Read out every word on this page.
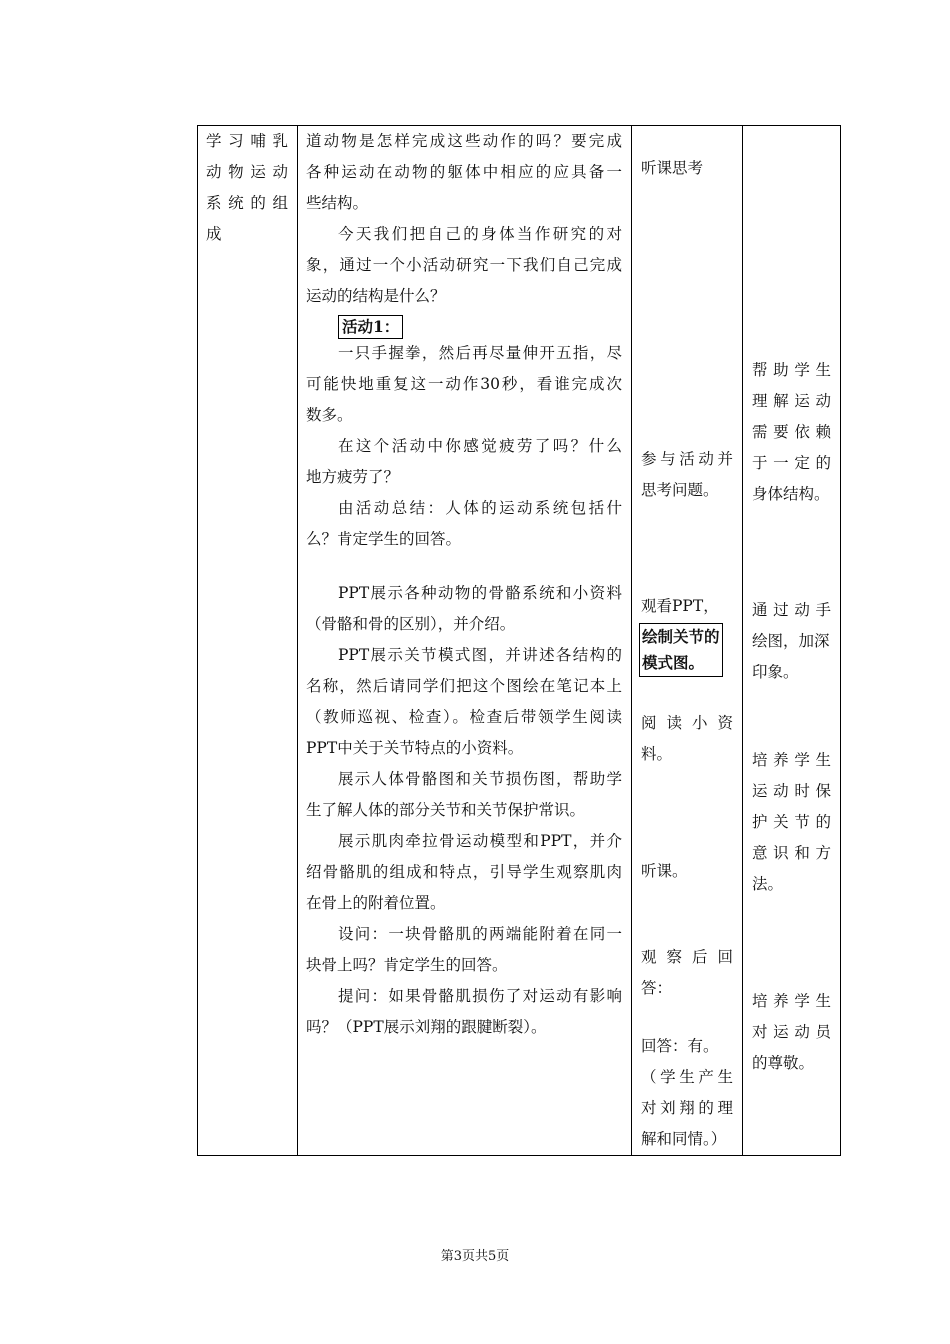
学习哺乳
动物运动
系统的组
成

道动物是怎样完成这些动作的吗？要完成
各种运动在动物的躯体中相应的应具备一
些结构。
今天我们把自己的身体当作研究的对
象，通过一个小活动研究一下我们自己完成
运动的结构是什么？
活动1：
一只手握拳，然后再尽量伸开五指，尽
可能快地重复这一动作30秒，看谁完成次
数多。
在这个活动中你感觉疲劳了吗？什么
地方疲劳了？
由活动总结：人体的运动系统包括什
么？肯定学生的回答。
PPT展示各种动物的骨骼系统和小资料
（骨骼和骨的区别），并介绍。
PPT展示关节模式图，并讲述各结构的
名称，然后请同学们把这个图绘在笔记本上
（教师巡视、检查）。检查后带领学生阅读
PPT中关于关节特点的小资料。
展示人体骨骼图和关节损伤图，帮助学
生了解人体的部分关节和关节保护常识。
展示肌肉牵拉骨运动模型和PPT，并介
绍骨骼肌的组成和特点，引导学生观察肌肉
在骨上的附着位置。
设问：一块骨骼肌的两端能附着在同一
块骨上吗？肯定学生的回答。
提问：如果骨骼肌损伤了对运动有影响
吗？（PPT展示刘翔的跟腱断裂）。

听课思考
参与活动并
思考问题。
观看PPT，
绘制关节的
模式图。
阅读小资
料。
听课。
观察后回
答：
回答：有。
（学生产生
对刘翔的理
解和同情。）

帮助学生
理解运动
需要依赖
于一定的
身体结构。
通过动手
绘图，加深
印象。
培养学生
运动时保
护关节的
意识和方
法。
培养学生
对运动员
的尊敬。
第3页共5页
